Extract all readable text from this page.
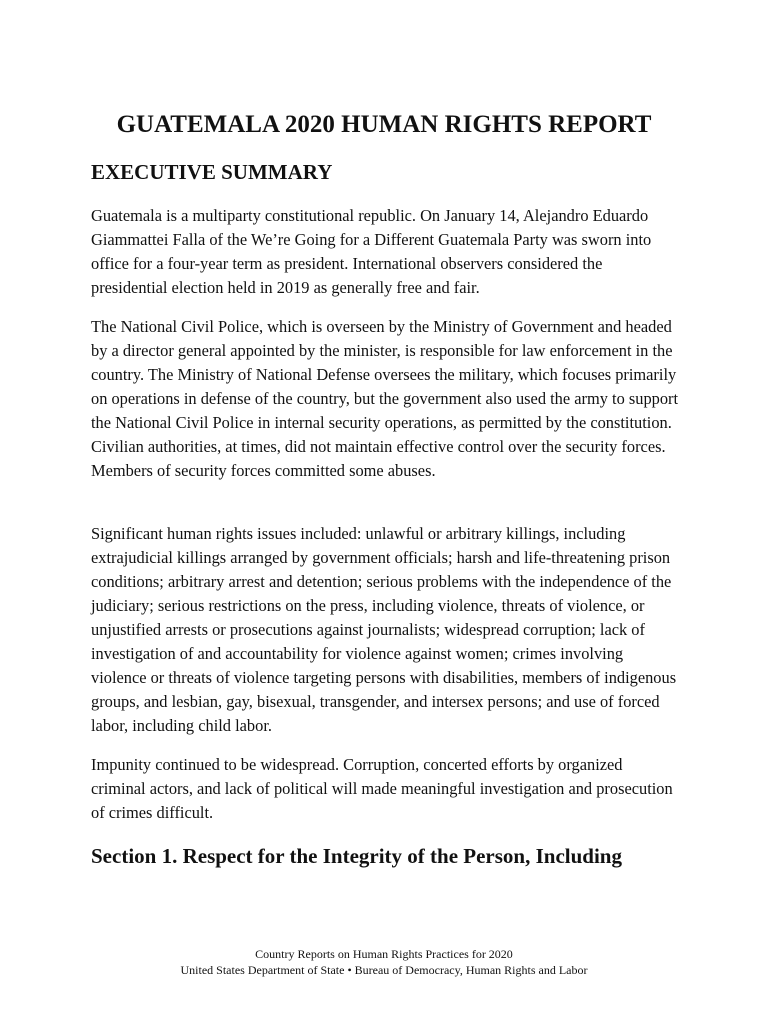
GUATEMALA 2020 HUMAN RIGHTS REPORT
EXECUTIVE SUMMARY

Guatemala is a multiparty constitutional republic. On January 14, Alejandro Eduardo Giammattei Falla of the We’re Going for a Different Guatemala Party was sworn into office for a four-year term as president. International observers considered the presidential election held in 2019 as generally free and fair.

The National Civil Police, which is overseen by the Ministry of Government and headed by a director general appointed by the minister, is responsible for law enforcement in the country. The Ministry of National Defense oversees the military, which focuses primarily on operations in defense of the country, but the government also used the army to support the National Civil Police in internal security operations, as permitted by the constitution. Civilian authorities, at times, did not maintain effective control over the security forces. Members of security forces committed some abuses.

Significant human rights issues included: unlawful or arbitrary killings, including extrajudicial killings arranged by government officials; harsh and life-threatening prison conditions; arbitrary arrest and detention; serious problems with the independence of the judiciary; serious restrictions on the press, including violence, threats of violence, or unjustified arrests or prosecutions against journalists; widespread corruption; lack of investigation of and accountability for violence against women; crimes involving violence or threats of violence targeting persons with disabilities, members of indigenous groups, and lesbian, gay, bisexual, transgender, and intersex persons; and use of forced labor, including child labor.

Impunity continued to be widespread. Corruption, concerted efforts by organized criminal actors, and lack of political will made meaningful investigation and prosecution of crimes difficult.

Section 1. Respect for the Integrity of the Person, Including
Country Reports on Human Rights Practices for 2020
United States Department of State • Bureau of Democracy, Human Rights and Labor
